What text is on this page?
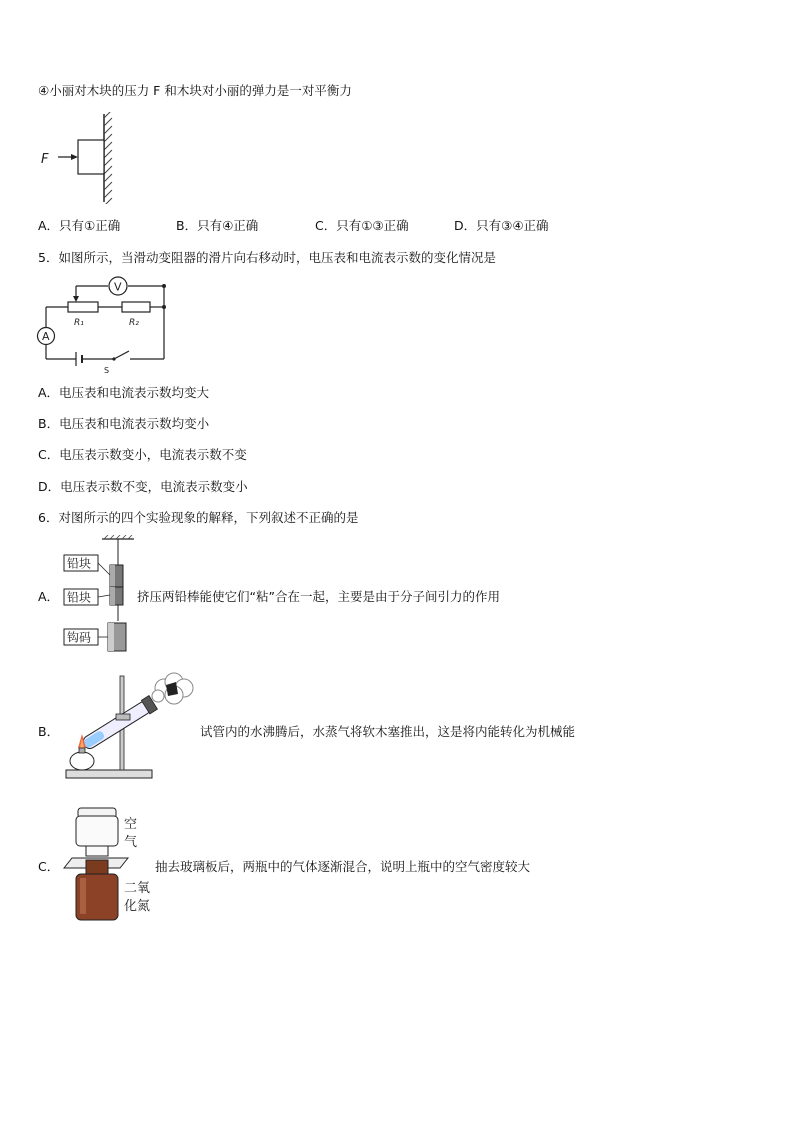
④小丽对木块的压力 F 和木块对小丽的弹力是一对平衡力
F
A．只有①正确	B．只有④正确	C．只有①③正确	D．只有③④正确
5．如图所示，当滑动变阻器的滑片向右移动时，电压表和电流表示数的变化情况是
V
A
R₁	R₂
S
A．电压表和电流表示数均变大
B．电压表和电流表示数均变小
C．电压表示数变小，电流表示数不变
D．电压表示数不变，电流表示数变小
6．对图所示的四个实验现象的解释，下列叙述不正确的是
A．
铅块
铅块
钩码
挤压两铅棒能使它们“粘”合在一起，主要是由于分子间引力的作用
B．	试管内的水沸腾后，水蒸气将软木塞推出，这是将内能转化为机械能
C．
空
气
二氧
化氮
抽去玻璃板后，两瓶中的气体逐渐混合，说明上瓶中的空气密度较大
